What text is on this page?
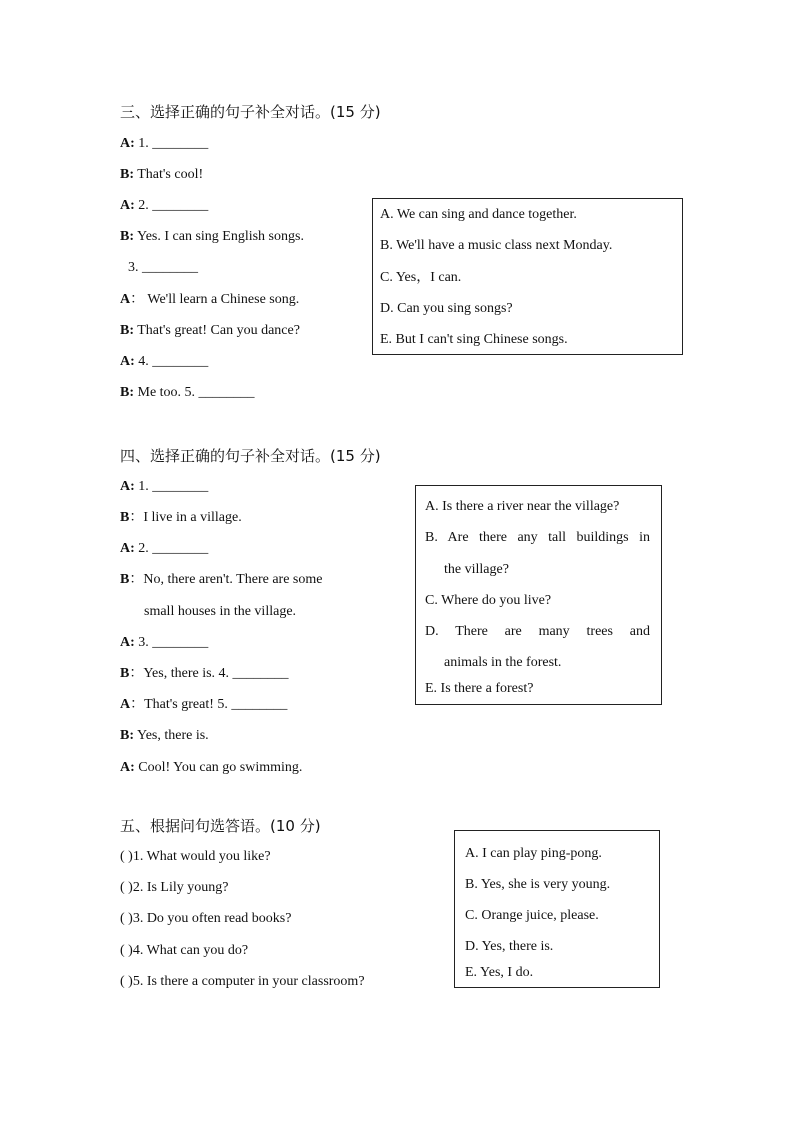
三、选择正确的句子补全对话。(15 分)
A: 1. ________
B: That's cool!
A: 2. ________
B: Yes. I can sing English songs.
3. ________
A： We'll learn a Chinese song.
B: That's great! Can you dance?
A: 4. ________
B: Me too. 5. ________
A. We can sing and dance together.
B. We'll have a music class next Monday.
C. Yes，I can.
D. Can you sing songs?
E. But I can't sing Chinese songs.
四、选择正确的句子补全对话。(15 分)
A: 1. ________
B：I live in a village.
A: 2. ________
B：No, there aren't. There are some
small houses in the village.
A: 3. ________
B：Yes, there is. 4. ________
A：That's great! 5. ________
B: Yes, there is.
A: Cool! You can go swimming.
A. Is there a river near the village?
B. Are there any tall buildings in
the village?
C. Where do you live?
D. There are many trees and
animals in the forest.
E. Is there a forest?
五、根据问句选答语。(10 分)
( )1. What would you like?
( )2. Is Lily young?
( )3. Do you often read books?
( )4. What can you do?
( )5. Is there a computer in your classroom?
A. I can play ping-pong.
B. Yes, she is very young.
C. Orange juice, please.
D. Yes, there is.
E. Yes, I do.
